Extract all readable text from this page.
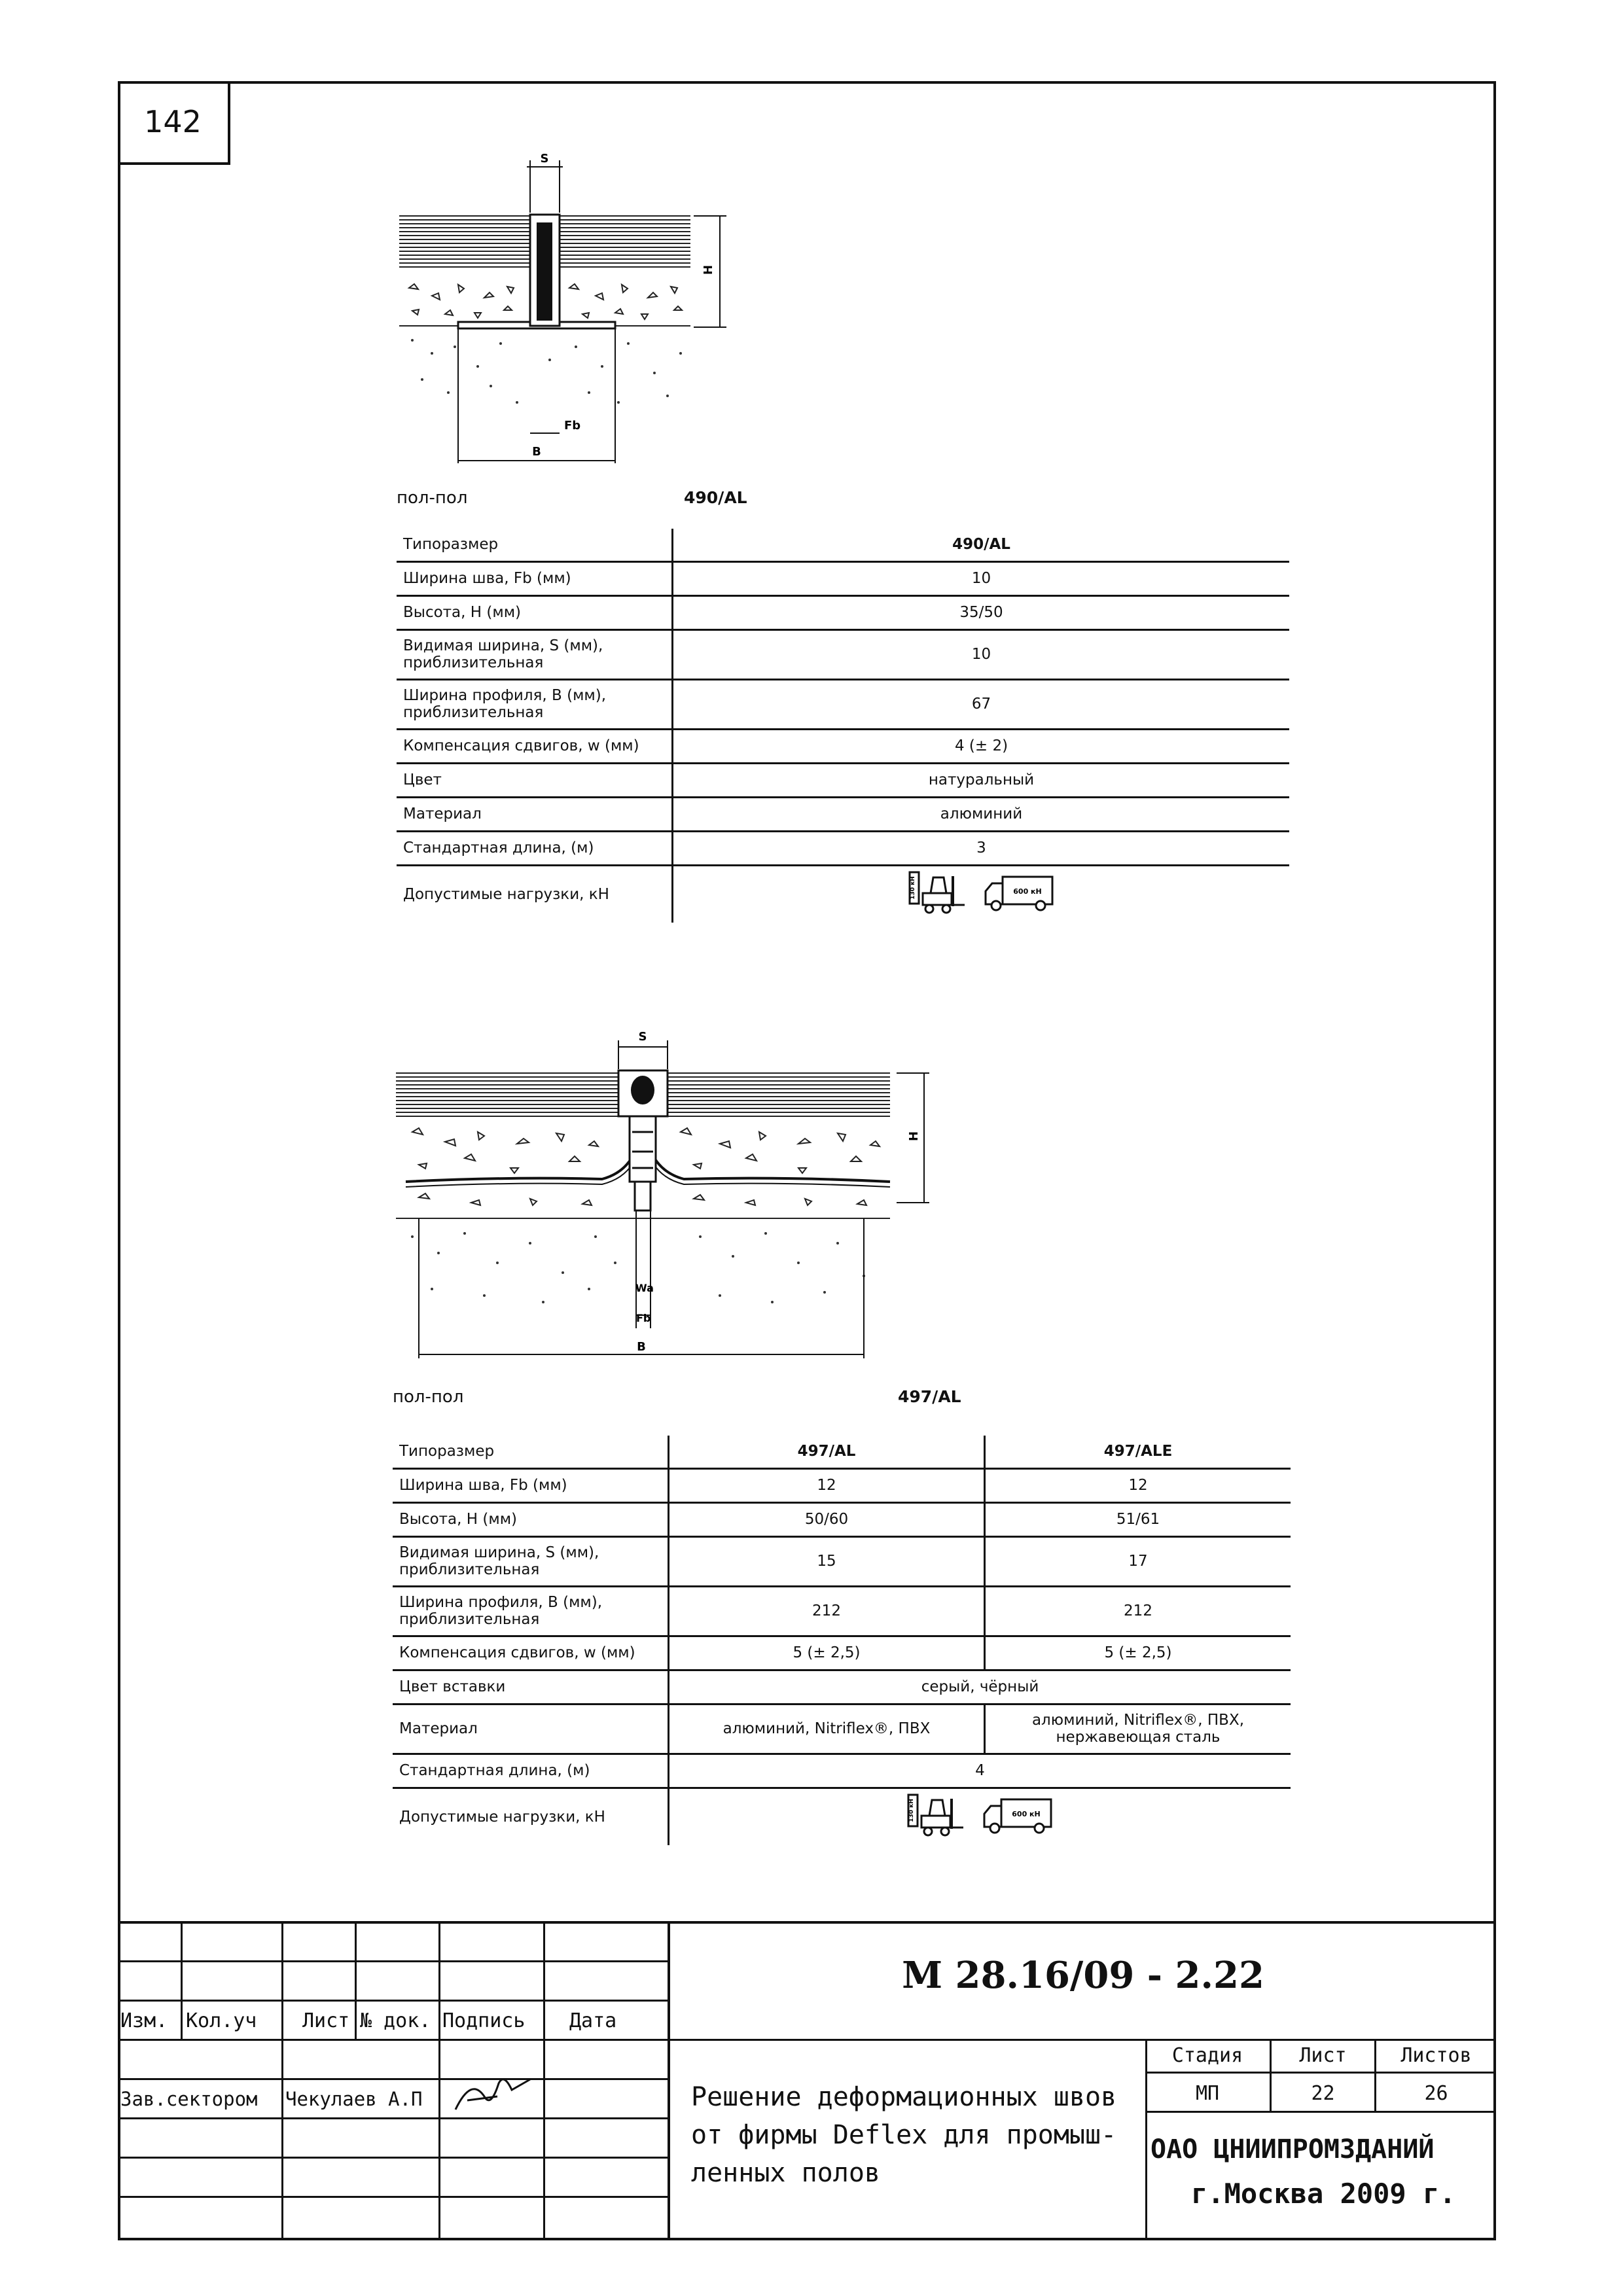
142
S
H
Fb
B
пол-пол	490/AL
Типоразмер	490/AL
Ширина шва, Fb (мм)	10
Высота, H (мм)	35/50
Видимая ширина, S (мм), приблизительная	10
Ширина профиля, B (мм), приблизительная	67
Компенсация сдвигов, w (мм)	4 (± 2)
Цвет	натуральный
Материал	алюминий
Стандартная длина, (м)	3
Допустимые нагрузки, кН	130 кН 600 кН
S
H
Wa
Fb
B
пол-пол	497/AL
Типоразмер	497/AL	497/ALE
Ширина шва, Fb (мм)	12	12
Высота, H (мм)	50/60	51/61
Видимая ширина, S (мм), приблизительная	15	17
Ширина профиля, B (мм), приблизительная	212	212
Компенсация сдвигов, w (мм)	5 (± 2,5)	5 (± 2,5)
Цвет вставки	серый, чёрный	
Материал	алюминий, Nitriflex®, ПВХ	алюминий, Nitriflex®, ПВХ, нержавеющая сталь
Стандартная длина, (м)	4	
Допустимые нагрузки, кН	130 кН 600 кН	
Изм. Кол.уч Лист № док. Подпись Дата
Зав.сектором Чекулаев А.П
М 28.16/09 - 2.22
Решение деформационных швов
от фирмы Deflex для промыш-
ленных полов
Стадия	Лист	Листов
МП	22	26
ОАО ЦНИИПРОМЗДАНИЙ
г.Москва 2009 г.
